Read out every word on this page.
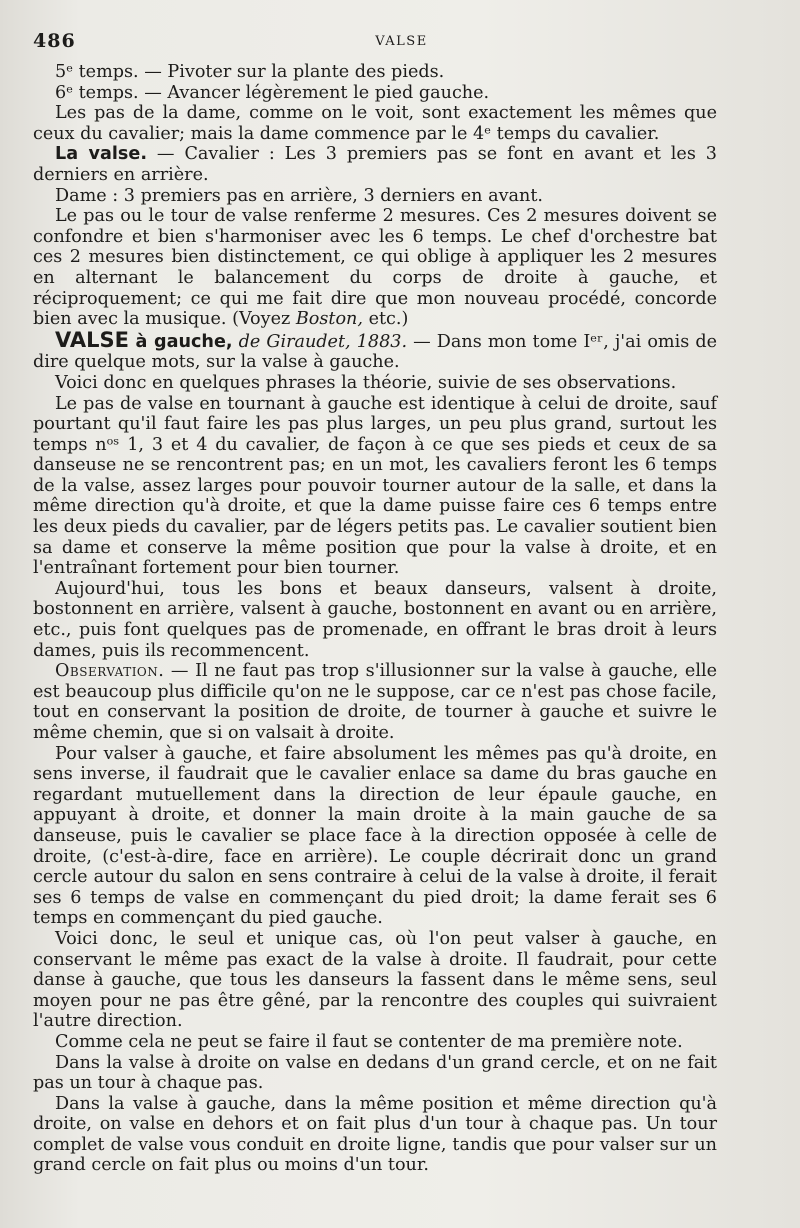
486	VALSE

5ᵉ temps. — Pivoter sur la plante des pieds.

6ᵉ temps. — Avancer légèrement le pied gauche.

Les pas de la dame, comme on le voit, sont exactement les mêmes que ceux du cavalier; mais la dame commence par le 4ᵉ temps du cavalier.

La valse. — Cavalier : Les 3 premiers pas se font en avant et les 3 derniers en arrière.

Dame : 3 premiers pas en arrière, 3 derniers en avant.

Le pas ou le tour de valse renferme 2 mesures. Ces 2 mesures doivent se confondre et bien s'harmoniser avec les 6 temps. Le chef d'orchestre bat ces 2 mesures bien distinctement, ce qui oblige à appliquer les 2 mesures en alternant le balancement du corps de droite à gauche, et réciproquement; ce qui me fait dire que mon nouveau procédé, concorde bien avec la musique. (Voyez Boston, etc.)

VALSE à gauche, de Giraudet, 1883. — Dans mon tome Iᵉʳ, j'ai omis de dire quelque mots, sur la valse à gauche.

Voici donc en quelques phrases la théorie, suivie de ses observations.

Le pas de valse en tournant à gauche est identique à celui de droite, sauf pourtant qu'il faut faire les pas plus larges, un peu plus grand, surtout les temps nᵒˢ 1, 3 et 4 du cavalier, de façon à ce que ses pieds et ceux de sa danseuse ne se rencontrent pas; en un mot, les cavaliers feront les 6 temps de la valse, assez larges pour pouvoir tourner autour de la salle, et dans la même direction qu'à droite, et que la dame puisse faire ces 6 temps entre les deux pieds du cavalier, par de légers petits pas. Le cavalier soutient bien sa dame et conserve la même position que pour la valse à droite, et en l'entraînant fortement pour bien tourner.

Aujourd'hui, tous les bons et beaux danseurs, valsent à droite, bostonnent en arrière, valsent à gauche, bostonnent en avant ou en arrière, etc., puis font quelques pas de promenade, en offrant le bras droit à leurs dames, puis ils recommencent.

Observation. — Il ne faut pas trop s'illusionner sur la valse à gauche, elle est beaucoup plus difficile qu'on ne le suppose, car ce n'est pas chose facile, tout en conservant la position de droite, de tourner à gauche et suivre le même chemin, que si on valsait à droite.

Pour valser à gauche, et faire absolument les mêmes pas qu'à droite, en sens inverse, il faudrait que le cavalier enlace sa dame du bras gauche en regardant mutuellement dans la direction de leur épaule gauche, en appuyant à droite, et donner la main droite à la main gauche de sa danseuse, puis le cavalier se place face à la direction opposée à celle de droite, (c'est-à-dire, face en arrière). Le couple décrirait donc un grand cercle autour du salon en sens contraire à celui de la valse à droite, il ferait ses 6 temps de valse en commençant du pied droit; la dame ferait ses 6 temps en commençant du pied gauche.

Voici donc, le seul et unique cas, où l'on peut valser à gauche, en conservant le même pas exact de la valse à droite. Il faudrait, pour cette danse à gauche, que tous les danseurs la fassent dans le même sens, seul moyen pour ne pas être gêné, par la rencontre des couples qui suivraient l'autre direction.

Comme cela ne peut se faire il faut se contenter de ma première note.

Dans la valse à droite on valse en dedans d'un grand cercle, et on ne fait pas un tour à chaque pas.

Dans la valse à gauche, dans la même position et même direction qu'à droite, on valse en dehors et on fait plus d'un tour à chaque pas. Un tour complet de valse vous conduit en droite ligne, tandis que pour valser sur un grand cercle on fait plus ou moins d'un tour.
